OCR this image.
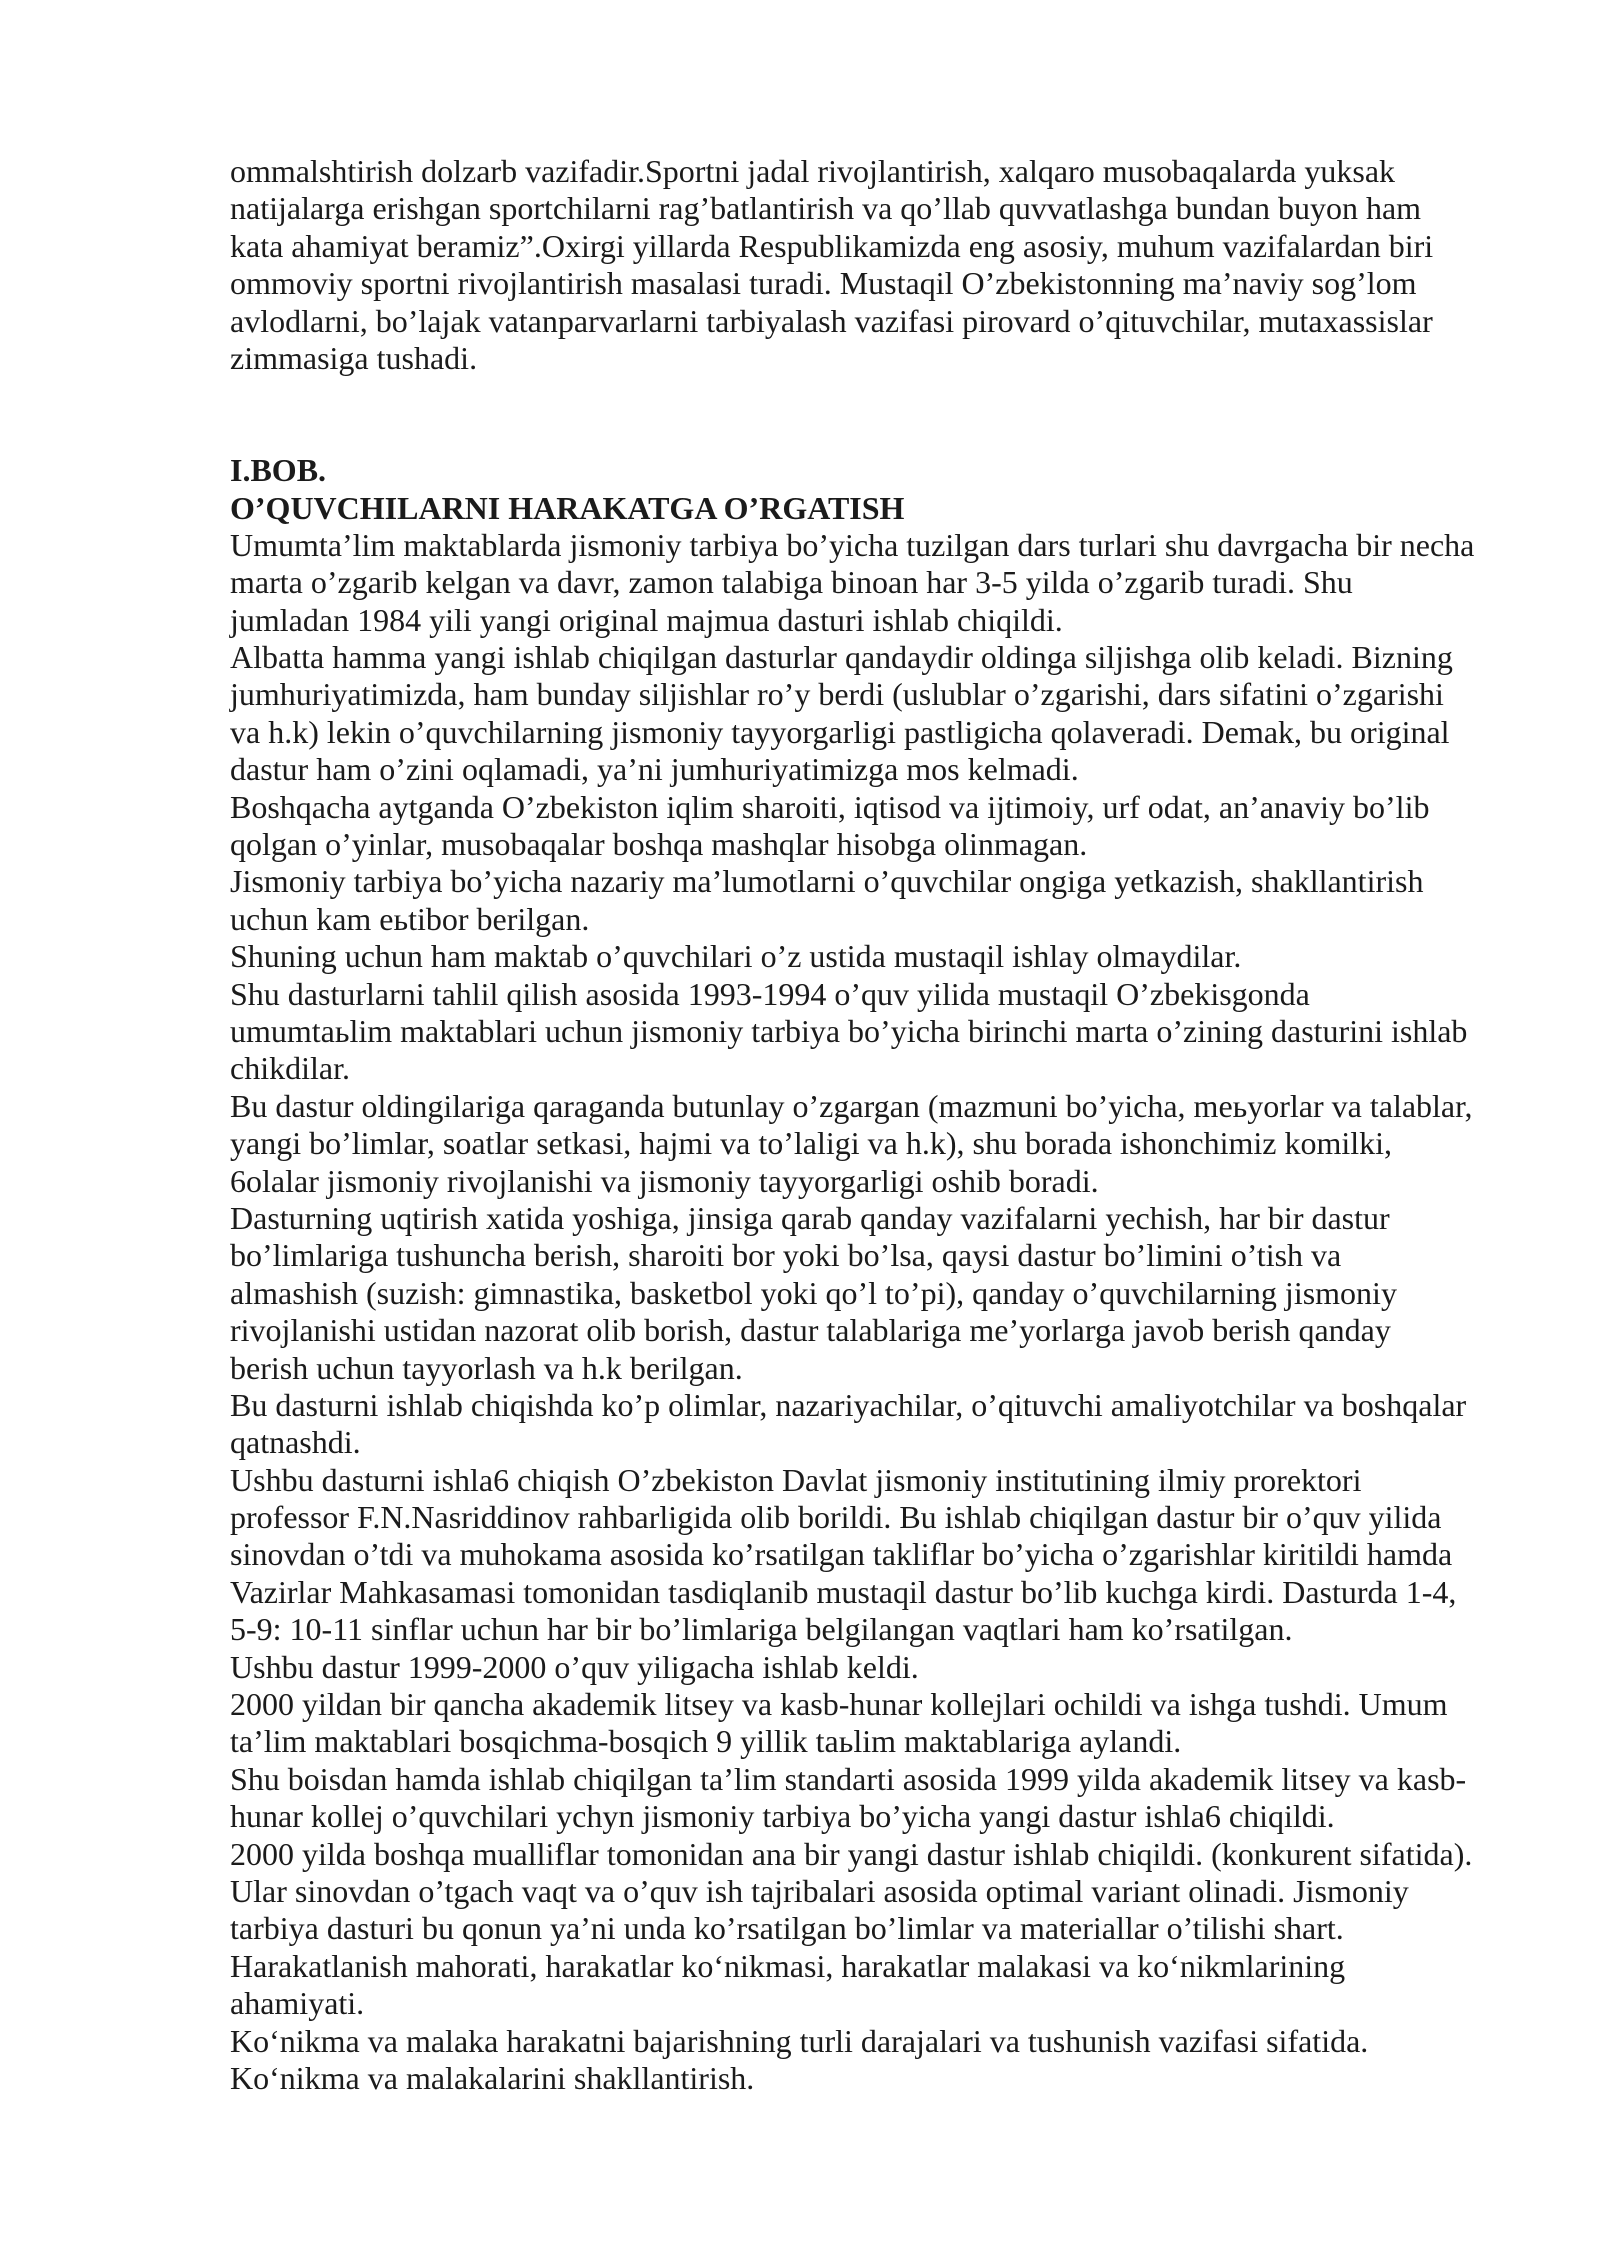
ommalshtirish dolzarb vazifadir.Sportni jadal rivojlantirish, xalqaro musobaqalarda yuksak
natijalarga erishgan sportchilarni rag’batlantirish va qo’llab quvvatlashga bundan buyon ham
kata ahamiyat beramiz”.Oxirgi yillarda Respublikamizda eng asosiy, muhum vazifalardan biri
ommoviy sportni rivojlantirish masalasi turadi. Mustaqil O’zbekistonning ma’naviy sog’lom
avlodlarni, bo’lajak vatanparvarlarni tarbiyalash vazifasi pirovard o’qituvchilar, mutaxassislar
zimmasiga tushadi.
I.BOB.
O’QUVCHILARNI HARAKATGA O’RGATISH
Umumta’lim maktablarda jismoniy tarbiya bo’yicha tuzilgan dars turlari shu davrgacha bir necha
marta o’zgarib kelgan va davr, zamon talabiga binoan har 3-5 yilda o’zgarib turadi. Shu
jumladan 1984 yili yangi original majmua dasturi ishlab chiqildi.
Albatta hamma yangi ishlab chiqilgan dasturlar qandaydir oldinga siljishga olib keladi. Bizning
jumhuriyatimizda, ham bunday siljishlar ro’y berdi (uslublar o’zgarishi, dars sifatini o’zgarishi
va h.k) lekin o’quvchilarning jismoniy tayyorgarligi pastligicha qolaveradi. Demak, bu original
dastur ham o’zini oqlamadi, ya’ni jumhuriyatimizga mos kelmadi.
Boshqacha aytganda O’zbekiston iqlim sharoiti, iqtisod va ijtimoiy, urf odat, an’anaviy bo’lib
qolgan o’yinlar, musobaqalar boshqa mashqlar hisobga olinmagan.
Jismoniy tarbiya bo’yicha nazariy ma’lumotlarni o’quvchilar ongiga yetkazish, shakllantirish
uchun kam eьtibor berilgan.
Shuning uchun ham maktab o’quvchilari o’z ustida mustaqil ishlay olmaydilar.
Shu dasturlarni tahlil qilish asosida 1993-1994 o’quv yilida mustaqil O’zbekisgonda
umumtaьlim maktablari uchun jismoniy tarbiya bo’yicha birinchi marta o’zining dasturini ishlab
chikdilar.
Bu dastur oldingilariga qaraganda butunlay o’zgargan (mazmuni bo’yicha, meьyorlar va talablar,
yangi bo’limlar, soatlar setkasi, hajmi va to’laligi va h.k), shu borada ishonchimiz komilki,
6olalar jismoniy rivojlanishi va jismoniy tayyorgarligi oshib boradi.
Dasturning uqtirish xatida yoshiga, jinsiga qarab qanday vazifalarni yechish, har bir dastur
bo’limlariga tushuncha berish, sharoiti bor yoki bo’lsa, qaysi dastur bo’limini o’tish va
almashish (suzish: gimnastika, basketbol yoki qo’l to’pi), qanday o’quvchilarning jismoniy
rivojlanishi ustidan nazorat olib borish, dastur talablariga me’yorlarga javob berish qanday
berish uchun tayyorlash va h.k berilgan.
Bu dasturni ishlab chiqishda ko’p olimlar, nazariyachilar, o’qituvchi amaliyotchilar va boshqalar
qatnashdi.
Ushbu dasturni ishla6 chiqish O’zbekiston Davlat jismoniy institutining ilmiy prorektori
professor F.N.Nasriddinov rahbarligida olib borildi. Bu ishlab chiqilgan dastur bir o’quv yilida
sinovdan o’tdi va muhokama asosida ko’rsatilgan takliflar bo’yicha o’zgarishlar kiritildi hamda
Vazirlar Mahkasamasi tomonidan tasdiqlanib mustaqil dastur bo’lib kuchga kirdi. Dasturda 1-4,
5-9: 10-11 sinflar uchun har bir bo’limlariga belgilangan vaqtlari ham ko’rsatilgan.
Ushbu dastur 1999-2000 o’quv yiligacha ishlab keldi.
2000 yildan bir qancha akademik litsey va kasb-hunar kollejlari ochildi va ishga tushdi. Umum
ta’lim maktablari bosqichma-bosqich 9 yillik taьlim maktablariga aylandi.
Shu boisdan hamda ishlab chiqilgan ta’lim standarti asosida 1999 yilda akademik litsey va kasb-
hunar kollej o’quvchilari ychyn jismoniy tarbiya bo’yicha yangi dastur ishla6 chiqildi.
2000 yilda boshqa mualliflar tomonidan ana bir yangi dastur ishlab chiqildi. (konkurent sifatida).
Ular sinovdan o’tgach vaqt va o’quv ish tajribalari asosida optimal variant olinadi. Jismoniy
tarbiya dasturi bu qonun ya’ni unda ko’rsatilgan bo’limlar va materiallar o’tilishi shart.
Harakatlanish mahorati, harakatlar ko‘nikmasi, harakatlar malakasi va ko‘nikmlarining
ahamiyati.
Ko‘nikma va malaka harakatni bajarishning turli darajalari va tushunish vazifasi sifatida.
Ko‘nikma va malakalarini shakllantirish.
